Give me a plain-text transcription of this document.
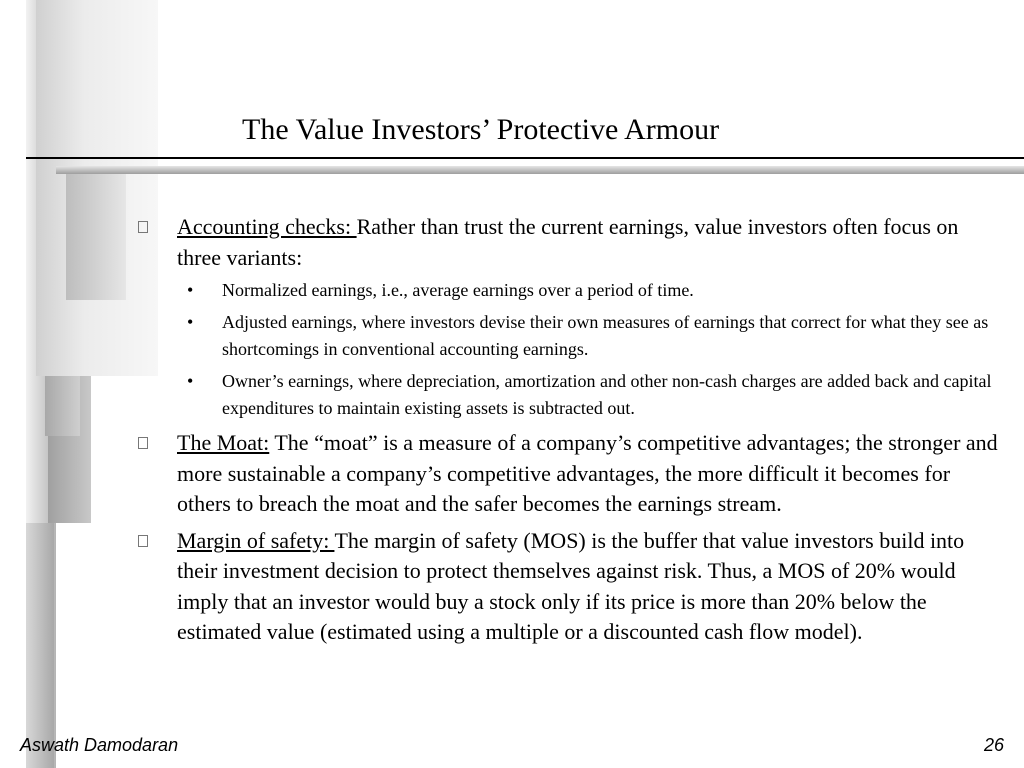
The Value Investors’ Protective Armour
Accounting checks: Rather than trust the current earnings, value investors often focus on three variants:
• Normalized earnings, i.e., average earnings over a period of time.
• Adjusted earnings, where investors devise their own measures of earnings that correct for what they see as shortcomings in conventional accounting earnings.
• Owner’s earnings, where depreciation, amortization and other non-cash charges are added back and capital expenditures to maintain existing assets is subtracted out.
The Moat: The “moat” is a measure of a company’s competitive advantages; the stronger and more sustainable a company’s competitive advantages, the more difficult it becomes for others to breach the moat and the safer becomes the earnings stream.
Margin of safety: The margin of safety (MOS) is the buffer that value investors build into their investment decision to protect themselves against risk. Thus, a MOS of 20% would imply that an investor would buy a stock only if its price is more than 20% below the estimated value (estimated using a multiple or a discounted cash flow model).
Aswath Damodaran	26
